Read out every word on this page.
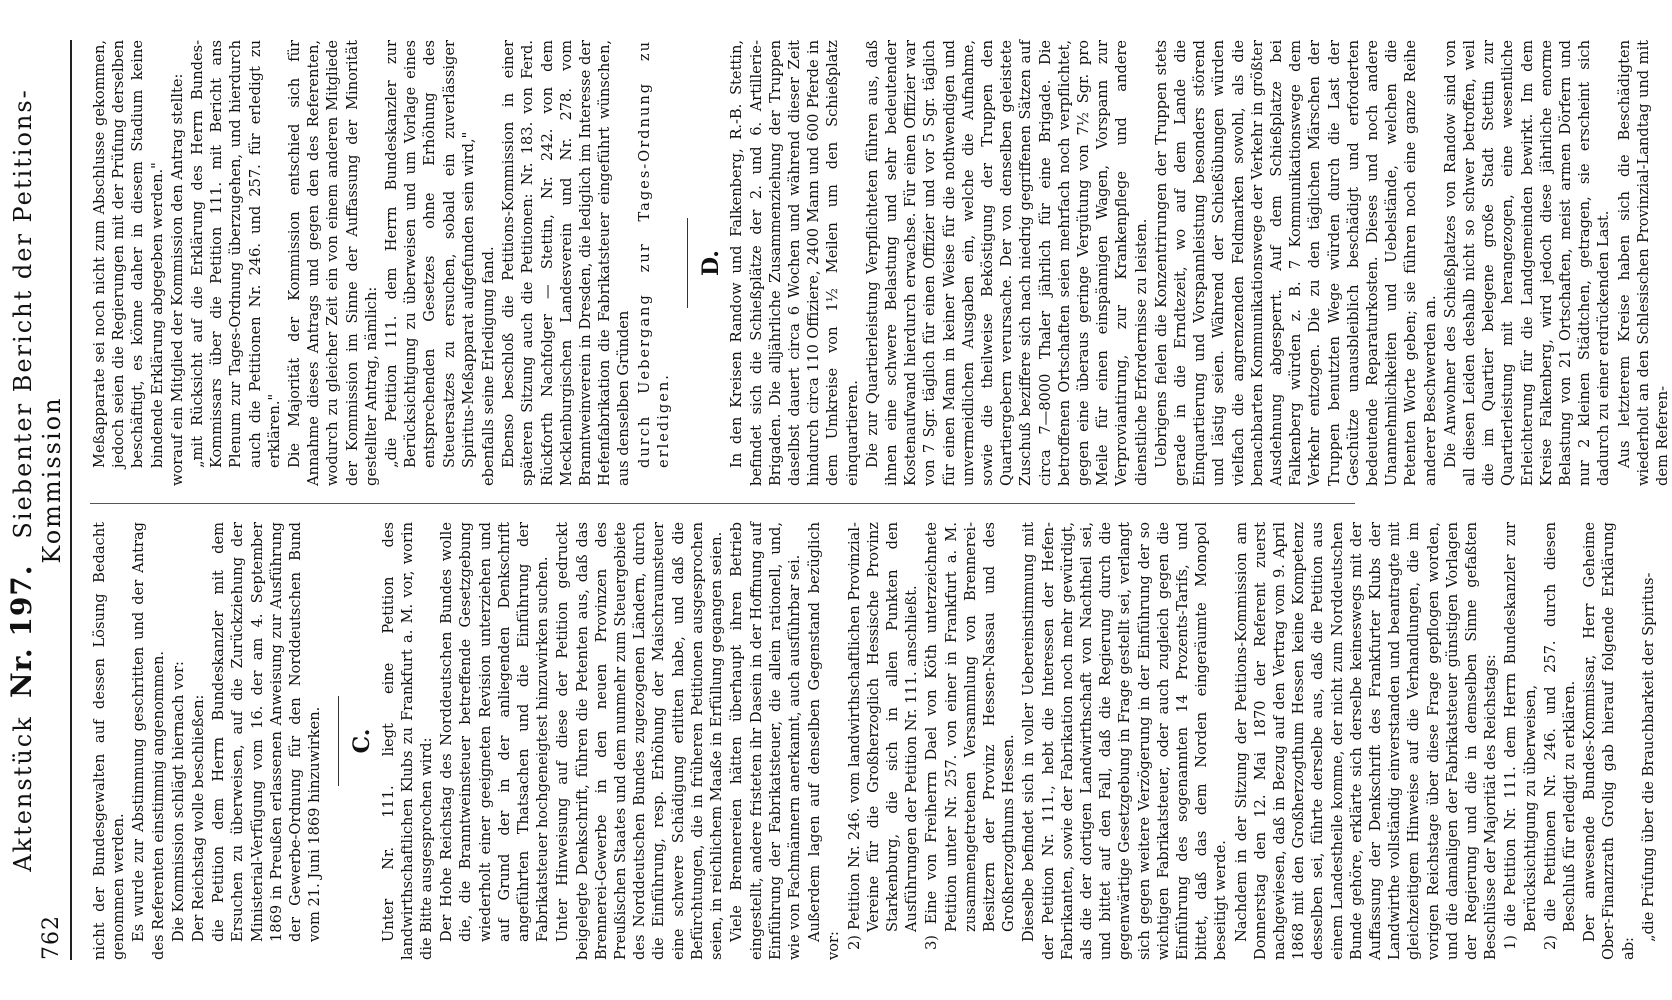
762
Aktenstück  Nr. 197.   Siebenter Bericht der Petitions-Kommission

nicht der Bundesgewalten auf dessen Lösung Bedacht genommen werden. Es wurde zur Abstimmung geschritten und der Antrag des Referenten einstimmig angenommen. Die Kommission schlägt hiernach vor: Der Reichstag wolle beschließen: die Petition dem Herrn Bundeskanzler mit dem Ersuchen zu überweisen, auf die Zurückziehung der Ministerial-Verfügung vom 16. der am 4. September 1869 in Preußen erlassenen Anweisung zur Ausführung der Gewerbe-Ordnung für den Norddeutschen Bund vom 21. Juni 1869 hinzuwirken. C. Unter Nr. 111. liegt eine Petition des landwirthschaftlichen Klubs zu Frankfurt a. M. vor, worin die Bitte ausgesprochen wird: Der Hohe Reichstag des Norddeutschen Bundes wolle die, die Branntweinsteuer betreffende Gesetzgebung wiederholt einer geeigneten Revision unterziehen und auf Grund der in der anliegenden Denkschrift angeführten Thatsachen und die Einführung der Fabrikatsteuer hochgeneigtest hinzuwirken suchen. Unter Hinweisung auf diese der Petition gedruckt beigelegte Denkschrift, führen die Petenten aus, daß das Brennerei-Gewerbe in den neuen Provinzen des Preußischen Staates und dem nunmehr zum Steuergebiete des Norddeutschen Bundes zugezogenen Ländern, durch die Einführung, resp. Erhöhung der Maischraumsteuer eine schwere Schädigung erlitten habe, und daß die Befürchtungen, die in früheren Petitionen ausgesprochen seien, in reichlichem Maaße in Erfüllung gegangen seien. Viele Brennereien hätten überhaupt ihren Betrieb eingestellt, andere fristeten ihr Dasein in der Hoffnung auf Einführung der Fabrikatsteuer, die allein rationell, und, wie von Fachmännern anerkannt, auch ausführbar sei. Außerdem lagen auf denselben Gegenstand bezüglich vor: 2) Petition Nr. 246. vom landwirthschaftlichen Provinzial-Vereine für die Großherzoglich Hessische Provinz Starkenburg, die sich in allen Punkten den Ausführungen der Petition Nr. 111. anschließt. 3) Eine von Freiherrn Dael von Köth unterzeichnete Petition unter Nr. 257. von einer in Frankfurt a. M. zusammengetretenen Versammlung von Brennerei-Besitzern der Provinz Hessen-Nassau und des Großherzogthums Hessen. Dieselbe befindet sich in voller Uebereinstimmung mit der Petition Nr. 111., hebt die Interessen der Hefen-Fabrikanten, sowie der Fabrikation noch mehr gewürdigt, als die der dortigen Landwirthschaft von Nachtheil sei, und bittet auf den Fall, daß die Regierung durch die gegenwärtige Gesetzgebung in Frage gestellt sei, verlangt sich gegen weitere Verzögerung in der Einführung der so wichtigen Fabrikatsteuer, oder auch zugleich gegen die Einführung des sogenannten 14 Prozents-Tarifs, und bittet, daß das dem Norden eingeräumte Monopol beseitigt werde. Nachdem in der Sitzung der Petitions-Kommission am Donnerstag den 12. Mai 1870 der Referent zuerst nachgewiesen, daß in Bezug auf den Vertrag vom 9. April 1868 mit den Großherzogthum Hessen keine Kompetenz desselben sei, führte derselbe aus, daß die Petition aus einem Landestheile komme, der nicht zum Norddeutschen Bunde gehöre, erklärte sich derselbe keineswegs mit der Auffassung der Denkschrift des Frankfurter Klubs der Landwirthe vollständig einverstanden und beantragte mit gleichzeitigem Hinweise auf die Verhandlungen, die im vorigen Reichstage über diese Frage gepflogen worden, und die damaligen der Fabrikatsteuer günstigen Vorlagen der Regierung und die in demselben Sinne gefaßten Beschlüsse der Majorität des Reichstags: 1) die Petition Nr. 111. dem Herrn Bundeskanzler zur Berücksichtigung zu überweisen, 2) die Petitionen Nr. 246. und 257. durch diesen Beschluß für erledigt zu erklären. Der anwesende Bundes-Kommissar, Herr Geheime Ober-Finanzrath Grolig gab hierauf folgende Erklärung ab:

„die Prüfung über die Brauchbarkeit der Spiritus-

Meßapparate sei noch nicht zum Abschlusse gekommen, jedoch seien die Regierungen mit der Prüfung derselben beschäftigt, es könne daher in diesem Stadium keine bindende Erklärung abgegeben werden." worauf ein Mitglied der Kommission den Antrag stellte: „mit Rücksicht auf die Erklärung des Herrn Bundes-Kommissars über die Petition 111. mit Bericht ans Plenum zur Tages-Ordnung überzugehen, und hierdurch auch die Petitionen Nr. 246. und 257. für erledigt zu erklären." Die Majorität der Kommission entschied sich für Annahme dieses Antrags und gegen den des Referenten, wodurch zu gleicher Zeit ein von einem anderen Mitgliede der Kommission im Sinne der Auffassung der Minorität gestellter Antrag, nämlich: „die Petition 111. dem Herrn Bundeskanzler zur Berücksichtigung zu überweisen und um Vorlage eines entsprechenden Gesetzes ohne Erhöhung des Steuersatzes zu ersuchen, sobald ein zuverlässiger Spiritus-Meßapparat aufgefunden sein wird," ebenfalls seine Erledigung fand. Ebenso beschloß die Petitions-Kommission in einer späteren Sitzung auch die Petitionen: Nr. 183. von Ferd. Rückforth Nachfolger — Stettin, Nr. 242. von dem Mecklenburgischen Landesverein und Nr. 278. vom Branntweinverein in Dresden, die lediglich im Interesse der Hefenfabrikation die Fabrikatsteuer eingeführt wünschen, aus denselben Gründen durch Uebergang zur Tages-Ordnung zu erledigen.

D. In den Kreisen Randow und Falkenberg, R.-B. Stettin, befindet sich die Schießplätze der 2. und 6. Artillerie-Brigaden. Die alljährliche Zusammenziehung der Truppen daselbst dauert circa 6 Wochen und während dieser Zeit hindurch circa 110 Offiziere, 2400 Mann und 600 Pferde in dem Umkreise von 1½ Meilen um den Schießplatz einquartieren. Die zur Quartierleistung Verpflichteten führen aus, daß ihnen eine schwere Belastung und sehr bedeutender Kostenaufwand hierdurch erwachse. Für einen Offizier war von 7 Sgr. täglich für einen Offizier und vor 5 Sgr. täglich für einen Mann in keiner Weise für die nothwendigen und unvermeidlichen Ausgaben ein, welche die Aufnahme, sowie die theilweise Beköstigung der Truppen den Quartiergebern verursache. Der von denselben geleistete Zuschuß beziffere sich nach niedrig gegriffenen Sätzen auf circa 7—8000 Thaler jährlich für eine Brigade. Die betroffenen Ortschaften seien mehrfach noch verpflichtet, gegen eine überaus geringe Vergütung von 7½ Sgr. pro Meile für einen einspännigen Wagen, Vorspann zur Verproviantirung, zur Krankenpflege und andere dienstliche Erfordernisse zu leisten. Uebrigens fielen die Konzentrirungen der Truppen stets gerade in die Erndtezeit, wo auf dem Lande die Einquartierung und Vorspannleistung besonders störend und lästig seien. Während der Schießübungen würden vielfach die angrenzenden Feldmarken sowohl, als die benachbarten Kommunikationswege der Verkehr in größter Ausdehnung abgesperrt. Auf dem Schießplatze bei Falkenberg würden z. B. 7 Kommunikationswege dem Verkehr entzogen. Die zu den täglichen Märschen der Truppen benutzten Wege würden durch die Last der Geschütze unausbleiblich beschädigt und erforderten bedeutende Reparaturkosten. Dieses und noch andere Unannehmlichkeiten und Uebelstände, welchen die Petenten Worte geben; sie führen noch eine ganze Reihe anderer Beschwerden an. Die Anwohner des Schießplatzes von Randow sind von all diesen Leiden deshalb nicht so schwer betroffen, weil die im Quartier belegene große Stadt Stettin zur Quartierleistung mit herangezogen, eine wesentliche Erleichterung für die Landgemeinden bewirkt. Im dem Kreise Falkenberg, wird jedoch diese jährliche enorme Belastung von 21 Ortschaften, meist armen Dörfern und nur 2 kleinen Städtchen, getragen, sie erscheint sich dadurch zu einer erdrückenden Last. Aus letzterem Kreise haben sich die Beschädigten wiederholt an den Schlesischen Provinzial-Landtag und mit dem Referen-
